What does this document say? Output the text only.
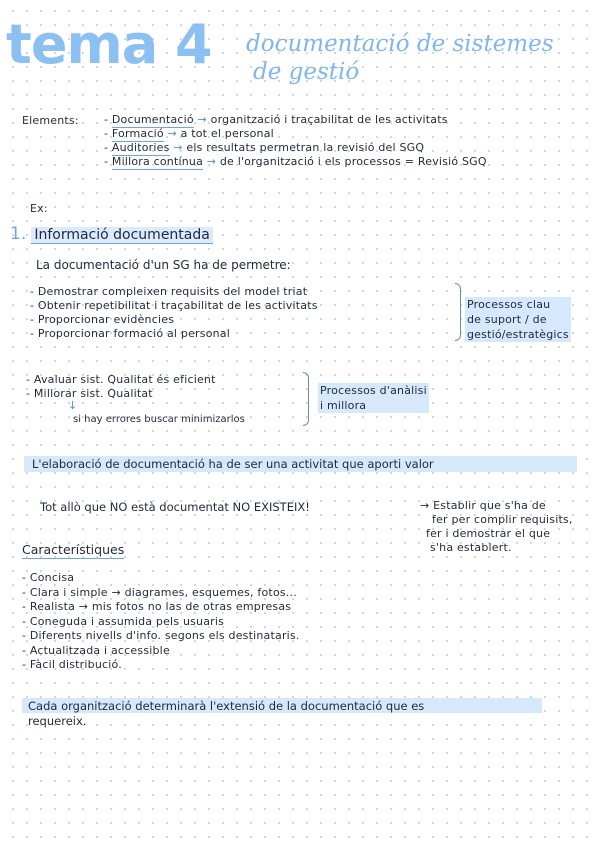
tema 4 documentació de sistemes
de gestió
Elements: - Documentació → organització i traçabilitat de les activitats
- Formació → a tot el personal
- Auditories → els resultats permetran la revisió del SGQ
- Millora contínua → de l'organització i els processos = Revisió SGQ
Ex:
1. Informació documentada
La documentació d'un SG ha de permetre:
- Demostrar compleixen requisits del model triat
- Obtenir repetibilitat i traçabilitat de les activitats
- Proporcionar evidències
- Proporcionar formació al personal
Processos clau
de suport / de
gestió/estratègics
- Avaluar sist. Qualitat és eficient
- Millorar sist. Qualitat
↓
si hay errores buscar minimizarlos
Processos d'anàlisi
i millora
L'elaboració de documentació ha de ser una activitat que aporti valor
Tot allò que NO està documentat NO EXISTEIX!	→ Establir que s'ha de
fer per complir requisits,
fer i demostrar el que
s'ha establert.
Característiques
- Concisa
- Clara i simple → diagrames, esquemes, fotos...
- Realista → mis fotos no las de otras empresas
- Coneguda i assumida pels usuaris
- Diferents nivells d'info. segons els destinataris.
- Actualitzada i accessible
- Fàcil distribució.
Cada organització determinarà l'extensió de la documentació que es
requereix.
